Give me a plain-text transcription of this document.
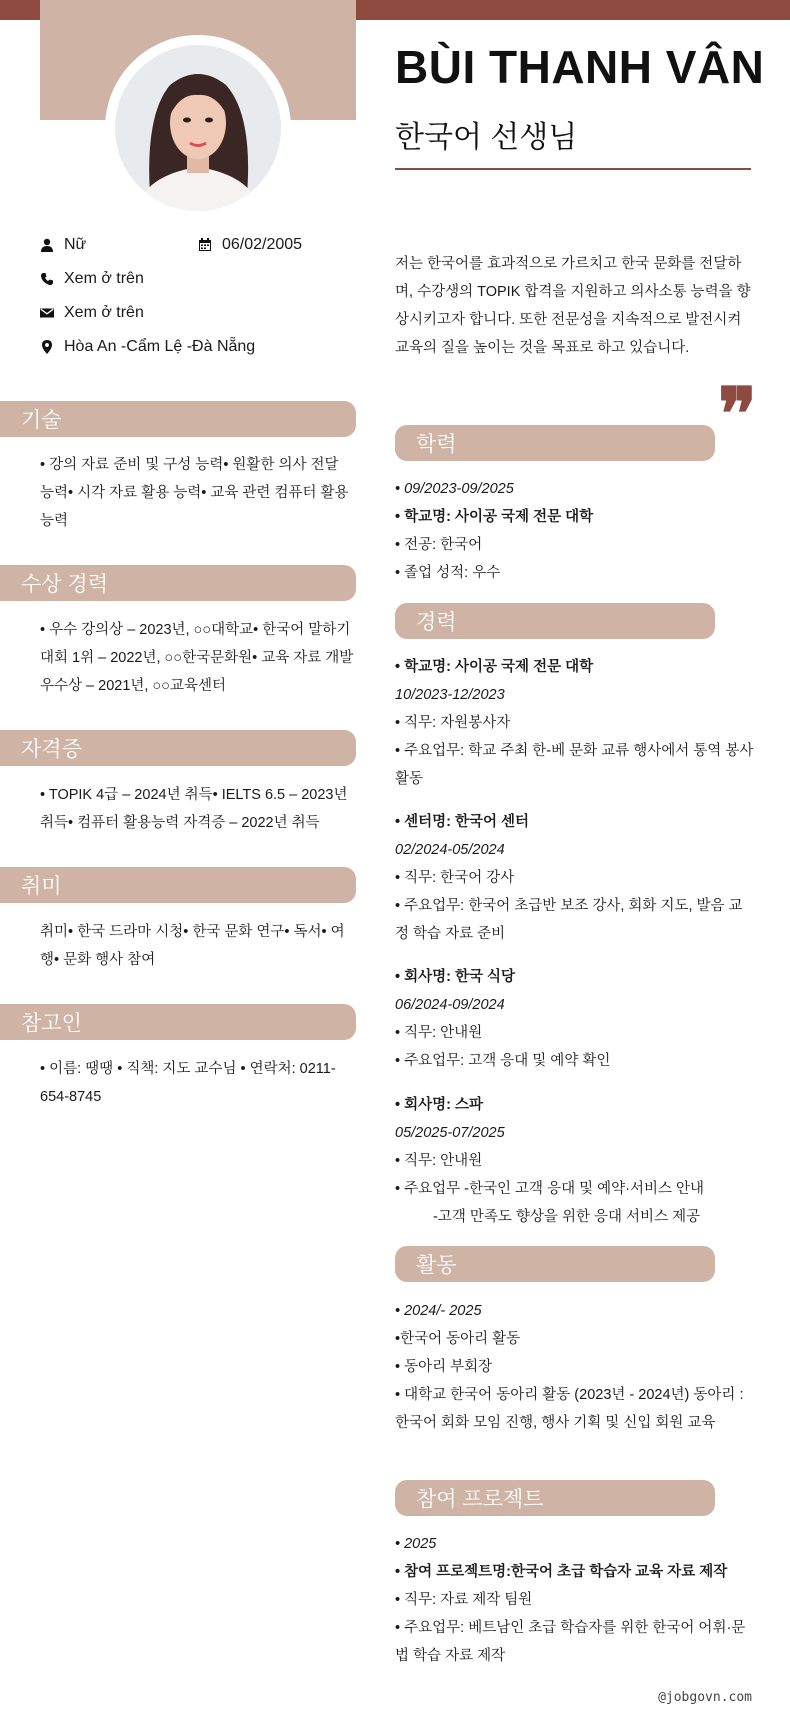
BÙI THANH VÂN
한국어 선생님
Nữ	06/02/2005
Xem ở trên
Xem ở trên
Hòa An -Cẩm Lệ -Đà Nẵng
저는 한국어를 효과적으로 가르치고 한국 문화를 전달하며, 수강생의 TOPIK 합격을 지원하고 의사소통 능력을 향상시키고자 합니다. 또한 전문성을 지속적으로 발전시켜 교육의 질을 높이는 것을 목표로 하고 있습니다.
❞
기술
• 강의 자료 준비 및 구성 능력• 원활한 의사 전달 능력• 시각 자료 활용 능력• 교육 관련 컴퓨터 활용 능력
수상 경력
• 우수 강의상 – 2023년, ○○대학교• 한국어 말하기 대회 1위 – 2022년, ○○한국문화원• 교육 자료 개발 우수상 – 2021년, ○○교육센터
자격증
• TOPIK 4급 – 2024년 취득• IELTS 6.5 – 2023년 취득• 컴퓨터 활용능력 자격증 – 2022년 취득
취미
취미• 한국 드라마 시청• 한국 문화 연구• 독서• 여행• 문화 행사 참여
참고인
• 이름: 땡땡 • 직책: 지도 교수님 • 연락처: 0211-654-8745
학력
• 09/2023-09/2025
• 학교명: 사이공 국제 전문 대학
• 전공: 한국어
• 졸업 성적: 우수
경력
• 학교명: 사이공 국제 전문 대학
10/2023-12/2023
• 직무: 자원봉사자
• 주요업무: 학교 주최 한-베 문화 교류 행사에서 통역 봉사활동
• 센터명: 한국어 센터
02/2024-05/2024
• 직무: 한국어 강사
• 주요업무: 한국어 초급반 보조 강사, 회화 지도, 발음 교정 학습 자료 준비
• 회사명: 한국 식당
06/2024-09/2024
• 직무: 안내원
• 주요업무: 고객 응대 및 예약 확인
• 회사명: 스파
05/2025-07/2025
• 직무: 안내원
• 주요업무 -한국인 고객 응대 및 예약·서비스 안내
-고객 만족도 향상을 위한 응대 서비스 제공
활동
• 2024/- 2025
•한국어 동아리 활동
• 동아리 부회장
• 대학교 한국어 동아리 활동 (2023년 - 2024년) 동아리 : 한국어 회화 모임 진행, 행사 기획 및 신입 회원 교육
참여 프로젝트
• 2025
• 참여 프로젝트명:한국어 초급 학습자 교육 자료 제작
• 직무: 자료 제작 팀원
• 주요업무: 베트남인 초급 학습자를 위한 한국어 어휘·문법 학습 자료 제작
@jobgovn.com
